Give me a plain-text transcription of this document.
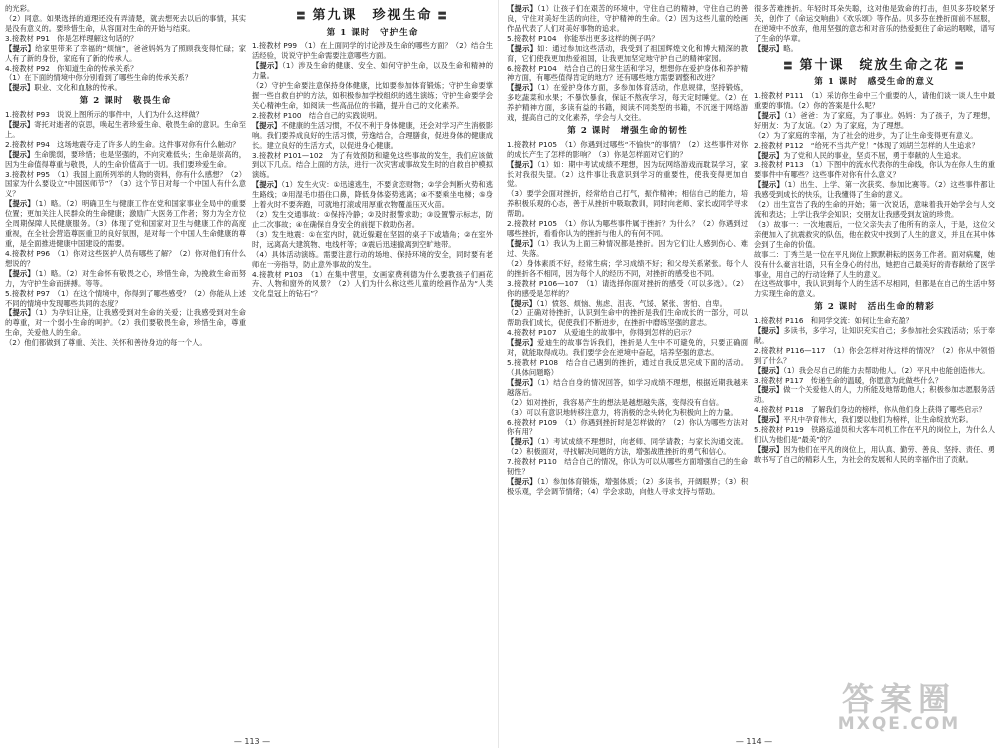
的光彩。

（2）同意。如果选择的道理还没有弄清楚，就去想死去以后的事情，其实是没有意义的。要珍惜生命，从容面对生命的开始与结束。

3.接教材 P91　你是怎样理解这句话的？

【提示】给家里带来了幸福的“烦恼”，爸爸妈妈为了照顾我变得忙碌；家人有了新的身份，家庭有了新的传承人。

4.接教材 P92　你知道生命的传承关系？

（1）在下面的情境中你分别看到了哪些生命的传承关系？

【提示】职业、文化和血脉的传承。

第 2 课时　敬畏生命

1.接教材 P93　说说上图所示的事件中，人们为什么这样做？

【提示】寄托对逝者的哀思，唤起生者珍爱生命、敬畏生命的意识。生命至上。

2.接教材 P94　这场地震夺走了许多人的生命。这件事对你有什么触动？

【提示】生命脆弱，要珍惜；也是坚强的，不向灾难低头；生命是崇高的，因为生命值得尊重与敬畏，人的生命价值高于一切。我们要珍爱生命。

3.接教材 P95　（1）我国上面所列举的人物的资料，你有什么感想？（2）国家为什么要设立“中国医师节”？（3）这个节日对每一个中国人有什么意义？

【提示】（1）略。（2）明确卫生与健康工作在党和国家事业全局中的重要位置；更加关注人民群众的生命健康；激励广大医务工作者；努力为全方位全周期保障人民健康服务。（3）体现了党和国家对卫生与健康工作的高度重视，在全社会营造尊医重卫的良好氛围，是对每一个中国人生命健康的尊重，是全面推进健康中国建设的需要。

4.接教材 P96　（1）你对这些医护人员有哪些了解？（2）你对他们有什么想说的？

【提示】（1）略。（2）对生命怀有敬畏之心，珍惜生命，为挽救生命而努力，为守护生命而拼搏。等等。

5.接教材 P97　（1）在这个情境中，你得到了哪些感受？（2）你能从上述不同的情境中发现哪些共同的态度？

【提示】（1）为孕妇让座，让我感受到对生命的关爱；让我感受到对生命的尊重，对一个弱小生命的呵护。（2）我们要敬畏生命，珍惜生命，尊重生命，关爱他人的生命。

（2）他们都做到了尊重、关注、关怀和善待身边的每一个人。

〓 第九课　珍视生命 〓
第 1 课时　守护生命

1.接教材 P99　（1）在上面同学的讨论涉及生命的哪些方面？（2）结合生活经验，说说守护生命需要注意哪些方面。

【提示】（1）涉及生命的健康、安全、如何守护生命，以及生命和精神的力量。

（2）守护生命要注意保持身体健康，比如要参加体育锻炼；守护生命要掌握一些自救自护的方法，如积极参加学校组织的逃生演练；守护生命要学会关心精神生命，如阅读一些高品位的书籍，提升自己的文化素养。

2.接教材 P100　结合自己的实践说明。

【提示】不健康的生活习惯，不仅不利于身体健康，还会对学习产生消极影响。我们要养成良好的生活习惯，劳逸结合，合理膳食，促进身体的健康成长。建立良好的生活方式，以促进身心健康。

3.接教材 P101—102　为了有效预防和避免这些事故的发生，我们应该做到以下几点。结合上面的方法，进行一次灾害或事故发生时的自救自护模拟演练。

【提示】（1）发生火灾：①迅速逃生，不要贪恋财物；②学会判断火势和逃生路线；③用湿毛巾捂住口鼻，降低身体姿势逃离；④不要乘坐电梯；⑤身上着火时不要奔跑，可就地打滚或用厚重衣物覆盖压灭火苗。

（2）发生交通事故：①保持冷静；②及时报警求助；③设置警示标志，防止二次事故；④在确保自身安全的前提下救助伤者。

（3）发生地震：①在室内时，就近躲避在坚固的桌子下或墙角；②在室外时，远离高大建筑物、电线杆等；③震后迅速撤离到空旷地带。

（4）具体活动演练。需要注意行动的场地、保持环境的安全，同时要有老师在一旁指导，防止意外事故的发生。

4.接教材 P103　（1）在集中营里，女画家费利德为什么要教孩子们画花卉、人物和窗外的风景？（2）人们为什么称这些儿童的绘画作品为“人类文化皇冠上的钻石”？

— 113 —

【提示】（1）让孩子们在艰苦的环境中，守住自己的精神，守住自己的善良，守住对美好生活的向往，守护精神的生命。（2）因为这些儿童的绘画作品代表了人们对美好事物的追求。

5.接教材 P104　你能举出更多这样的例子吗？

【提示】如：通过参加这些活动，我受到了祖国辉煌文化和博大精深的教育，它们使我更加热爱祖国，让我更加坚定地守护自己的精神家园。

6.接教材 P104　结合自己的日常生活和学习，想想你在爱护身体和养护精神方面，有哪些值得肯定的地方？还有哪些地方需要调整和改进？

【提示】（1）在爱护身体方面，多参加体育活动，作息规律，坚持锻炼，多吃蔬菜和水果；不暴饮暴食，保证不熬夜学习，每天定时睡觉。（2）在养护精神方面，多读有益的书籍，阅读不同类型的书籍，不沉迷于网络游戏，提高自己的文化素养，学会与人交往。

第 2 课时　增强生命的韧性

1.接教材 P105　（1）你遇到过哪些“不愉快”的事情？（2）这些事件对你的成长产生了怎样的影响？（3）你是怎样面对它们的？

【提示】（1）如：期中考试成绩不理想，因为玩网络游戏而耽误学习，家长对我很失望。（2）这件事让我意识到学习的重要性，使我变得更加自觉。

（3）要学会面对挫折，经常给自己打气，振作精神；相信自己的能力，培养积极乐观的心态，善于从挫折中吸取教训，同时向老师、家长或同学寻求帮助。

2.接教材 P105　（1）你认为哪些事件属于挫折？为什么？（2）你遇到过哪些挫折，看看你认为的挫折与他人的有何不同。

【提示】（1）我认为上面三种情况都是挫折。因为它们让人感到伤心、难过、失落。

（2）身体素质不好，经常生病；学习成绩不好；和父母关系紧张。每个人的挫折各不相同，因为每个人的经历不同，对挫折的感受也不同。

3.接教材 P106—107　（1）请选择你面对挫折的感受（可以多选）。（2）你的感受是怎样的？

【提示】（1）愤怒、烦恼、焦虑、沮丧、气馁、紧张、害怕、自卑。

（2）正确对待挫折，认识到生命中的挫折是我们生命成长的一部分，可以帮助我们成长，促使我们不断进步，在挫折中磨练坚强的意志。

4.接教材 P107　从爱迪生的故事中，你得到怎样的启示？

【提示】爱迪生的故事告诉我们，挫折是人生中不可避免的，只要正确面对，就能取得成功。我们要学会在逆境中奋起，培养坚强的意志。

5.接教材 P108　结合自己遇到的挫折，通过自我反思完成下面的活动。（具体问题略）

【提示】（1）结合自身的情况回答，如学习成绩不理想，根据近期我越来越落后。

（2）如对挫折，我容易产生的想法是越想越失落，变得没有自信。

（3）可以有意识地转移注意力，将消极的念头转化为积极向上的力量。

6.接教材 P109　（1）你遇到挫折时是怎样做的？（2）你认为哪些方法对你有用？

【提示】（1）考试成绩不理想时，向老师、同学请教；与家长沟通交流。（2）积极面对，寻找解决问题的方法，增强战胜挫折的勇气和信心。

7.接教材 P110　结合自己的情况，你认为可以从哪些方面增强自己的生命韧性？

【提示】（1）参加体育锻炼，增强体质；（2）多读书，开阔眼界；（3）积极乐观，学会调节情绪；（4）学会求助，向他人寻求支持与帮助。

很多苦难挫折。年轻时耳朵失聪，这对他是致命的打击，但贝多芬咬紧牙关，创作了《命运交响曲》《欢乐颂》等作品。贝多芬在挫折面前不屈服，在逆境中不放弃，他用坚强的意志和对音乐的热爱扼住了命运的咽喉，谱写了生命的华章。

【提示】略。

〓 第十课　绽放生命之花 〓
第 1 课时　感受生命的意义

1.接教材 P111　（1）采访你生命中三个重要的人，请他们谈一谈人生中最重要的事情。（2）你的答案是什么呢？

【提示】（1）爸爸：为了家庭，为了事业。妈妈：为了孩子，为了理想，好朋友：为了友谊。（2）为了家庭，为了理想。

（2）为了家庭的幸福，为了社会的进步，为了让生命变得更有意义。

2.接教材 P112　“给死不当共产党！”体现了刘胡兰怎样的人生追求？

【提示】为了党和人民的事业，坚贞不屈，勇于奉献的人生追求。

3.接教材 P113　（1）下图中的流水代表你的生命线，你认为在你人生的重要事件中有哪些？这些事件对你有什么意义？

【提示】（1）出生、上学、第一次获奖、参加比赛等。（2）这些事件都让我感受到成长的快乐，让我懂得了生命的意义。

（2）出生宣告了我的生命的开始；第一次说话，意味着我开始学会与人交流和表达；上学让我学会知识；交朋友让我感受到友谊的珍贵。

（3）故事一：一次地震后，一位父亲失去了他所有的亲人，于是，这位父亲便加入了抗震救灾的队伍，他在救灾中找到了人生的意义，并且在其中体会到了生命的价值。

故事二：丁秀兰是一位在平凡岗位上默默耕耘的医务工作者。面对病魔，她没有什么豪言壮语，只有全身心的付出，她把自己最美好的青春献给了医学事业，用自己的行动诠释了人生的意义。

在这些故事中，我认识到每个人的生活不尽相同，但都是在自己的生活中努力实现生命的意义。

第 2 课时　活出生命的精彩

1.接教材 P116　和同学交流：如何让生命充盈？

【提示】多读书，多学习，让知识充实自己；多参加社会实践活动；乐于奉献。

2.接教材 P116—117　（1）你会怎样对待这样的情况？（2）你从中领悟到了什么？

【提示】（1）我会尽自己的能力去帮助他人。（2）平凡中也能创造伟大。

3.接教材 P117　传递生命的温暖，你愿意为此做些什么？

【提示】做一个关爱他人的人，力所能及地帮助他人；积极参加志愿服务活动。

4.接教材 P118　了解我们身边的榜样，你从他们身上获得了哪些启示？

【提示】平凡中孕育伟大，我们要以他们为榜样，让生命绽放光彩。

5.接教材 P119　铁路巡道员和大客车司机工作在平凡的岗位上，为什么人们认为他们是“最美”的？

【提示】因为他们在平凡的岗位上，用认真、勤劳、善良、坚持、责任、勇敢书写了自己的精彩人生，为社会的发展和人民的幸福作出了贡献。

— 114 —
答案圈
MXQE.COM
